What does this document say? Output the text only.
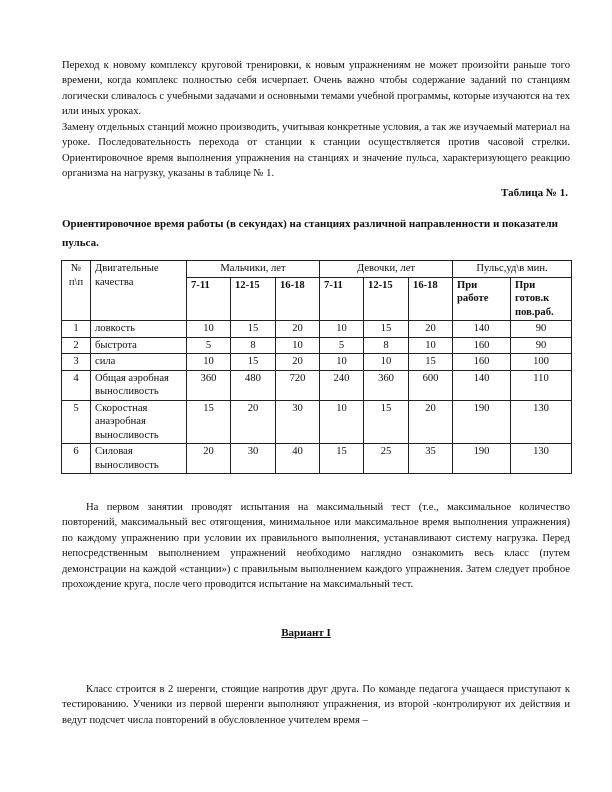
Переход к новому комплексу круговой тренировки, к новым упражнениям не может произойти раньше того времени, когда комплекс полностью себя исчерпает. Очень важно чтобы содержание заданий по станциям логически сливалось с учебными задачами и основными темами учебной программы, которые изучаются на тех или иных уроках.

Замену отдельных станций можно производить, учитывая конкретные условия, а так же изучаемый материал на уроке. Последовательность перехода от станции к станции осуществляется против часовой стрелки. Ориентировочное время выполнения упражнения на станциях и значение пульса, характеризующего реакцию организма на нагрузку, указаны в таблице № 1.

Таблица № 1.
Ориентировочное время работы (в секундах) на станциях различной направленности и показатели пульса.
№ п\п	Двигательные качества	Мальчики, лет			Девочки, лет			Пульс,уд\в мин.	
		7-11	12-15	16-18	7-11	12-15	16-18	При работе	При готов.к пов.раб.
1	ловкость	10	15	20	10	15	20	140	90
2	быстрота	5	8	10	5	8	10	160	90
3	сила	10	15	20	10	10	15	160	100
4	Общая аэробная выносливость	360	480	720	240	360	600	140	110
5	Скоростная анаэробная выносливость	15	20	30	10	15	20	190	130
6	Силовая выносливость	20	30	40	15	25	35	190	130

На первом занятии проводят испытания на максимальный тест (т.е., максимальное количество повторений, максимальный вес отягощения, минимальное или максимальное время выполнения упражнения) по каждому упражнению при условии их правильного выполнения, устанавливают систему нагрузка. Перед непосредственным выполнением упражнений необходимо наглядно ознакомить весь класс (путем демонстрации на каждой «станции») с правильным выполнением каждого упражнения. Затем следует пробное прохождение круга, после чего проводится испытание на максимальный тест.

Вариант I

Класс строится в 2 шеренги, стоящие напротив друг друга. По команде педагога учащаеся приступают к тестированию. Ученики из первой шеренги выполняют упражнения, из второй -контролируют их действия и ведут подсчет числа повторений в обусловленное учителем время –
